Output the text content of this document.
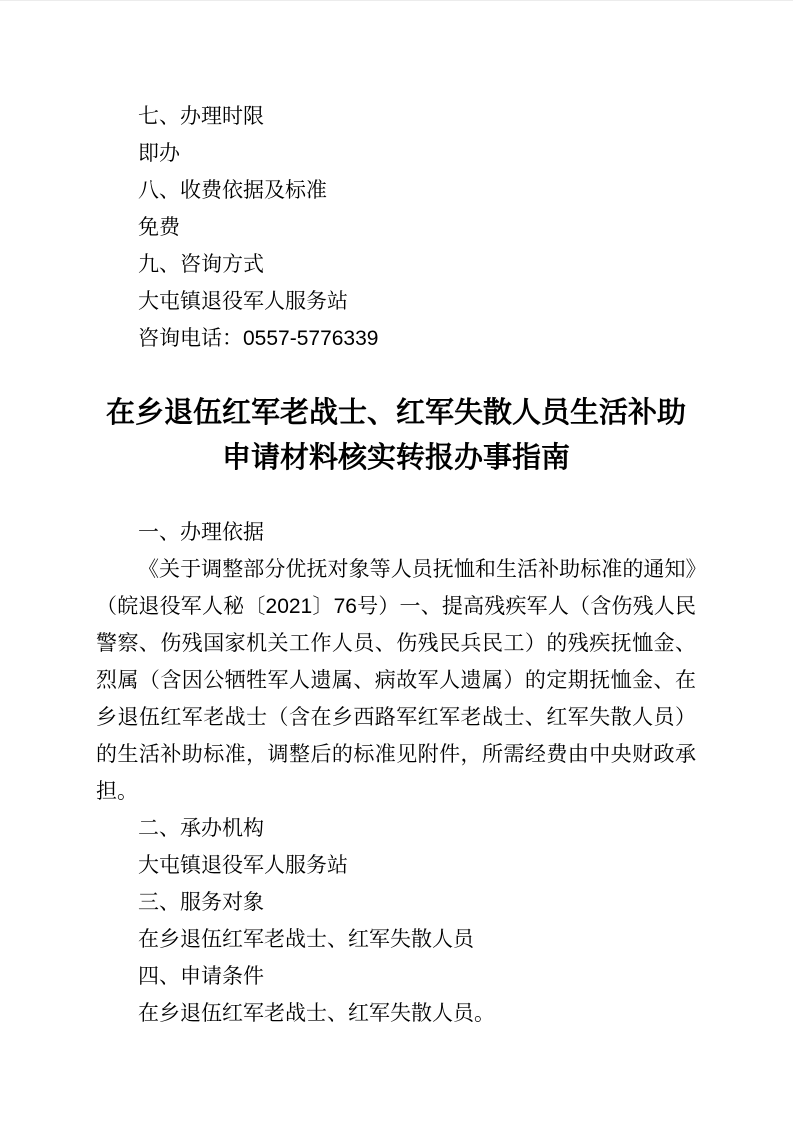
七、办理时限

即办

八、收费依据及标准

免费

九、咨询方式

大屯镇退役军人服务站

咨询电话：0557-5776339

在乡退伍红军老战士、红军失散人员生活补助
申请材料核实转报办事指南

一、办理依据

《关于调整部分优抚对象等人员抚恤和生活补助标准的通知》（皖退役军人秘〔2021〕76号）一、提高残疾军人（含伤残人民警察、伤残国家机关工作人员、伤残民兵民工）的残疾抚恤金、烈属（含因公牺牲军人遗属、病故军人遗属）的定期抚恤金、在乡退伍红军老战士（含在乡西路军红军老战士、红军失散人员）的生活补助标准，调整后的标准见附件，所需经费由中央财政承担。

二、承办机构

大屯镇退役军人服务站

三、服务对象

在乡退伍红军老战士、红军失散人员

四、申请条件

在乡退伍红军老战士、红军失散人员。
